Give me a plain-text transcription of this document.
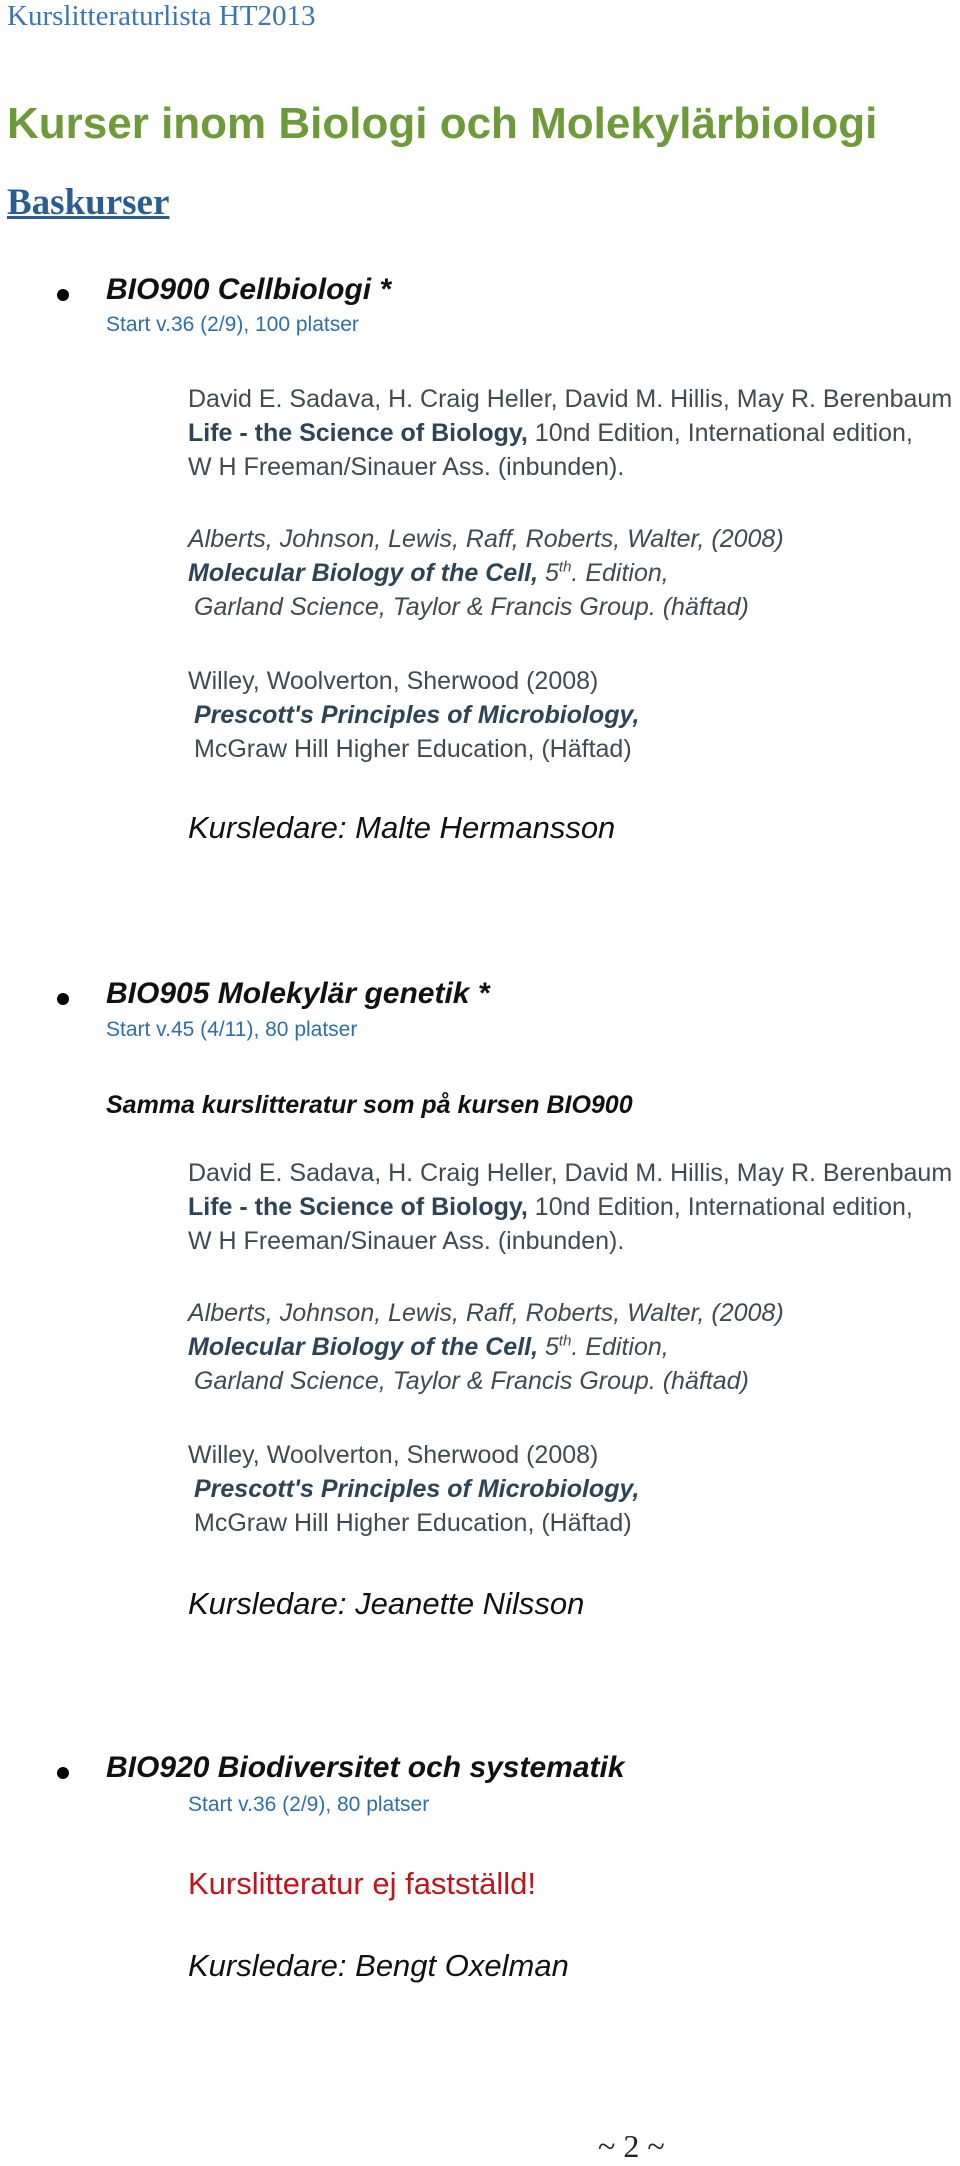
Kurslitteraturlista HT2013
Kurser inom Biologi och Molekylärbiologi
Baskurser
BIO900 Cellbiologi *
Start v.36 (2/9), 100 platser
David E. Sadava, H. Craig Heller, David M. Hillis, May R. Berenbaum
Life - the Science of Biology, 10nd Edition, International edition,
W H Freeman/Sinauer Ass. (inbunden).
Alberts, Johnson, Lewis, Raff, Roberts, Walter, (2008)
Molecular Biology of the Cell, 5th. Edition,
Garland Science, Taylor & Francis Group. (häftad)
Willey, Woolverton, Sherwood (2008)
Prescott's Principles of Microbiology,
McGraw Hill Higher Education, (Häftad)
Kursledare: Malte Hermansson
BIO905 Molekylär genetik *
Start v.45 (4/11), 80 platser
Samma kurslitteratur som på kursen BIO900
David E. Sadava, H. Craig Heller, David M. Hillis, May R. Berenbaum
Life - the Science of Biology, 10nd Edition, International edition,
W H Freeman/Sinauer Ass. (inbunden).
Alberts, Johnson, Lewis, Raff, Roberts, Walter, (2008)
Molecular Biology of the Cell, 5th. Edition,
Garland Science, Taylor & Francis Group. (häftad)
Willey, Woolverton, Sherwood (2008)
Prescott's Principles of Microbiology,
McGraw Hill Higher Education, (Häftad)
Kursledare: Jeanette Nilsson
BIO920 Biodiversitet och systematik
Start v.36 (2/9), 80 platser
Kurslitteratur ej fastställd!
Kursledare: Bengt Oxelman
~ 2 ~
